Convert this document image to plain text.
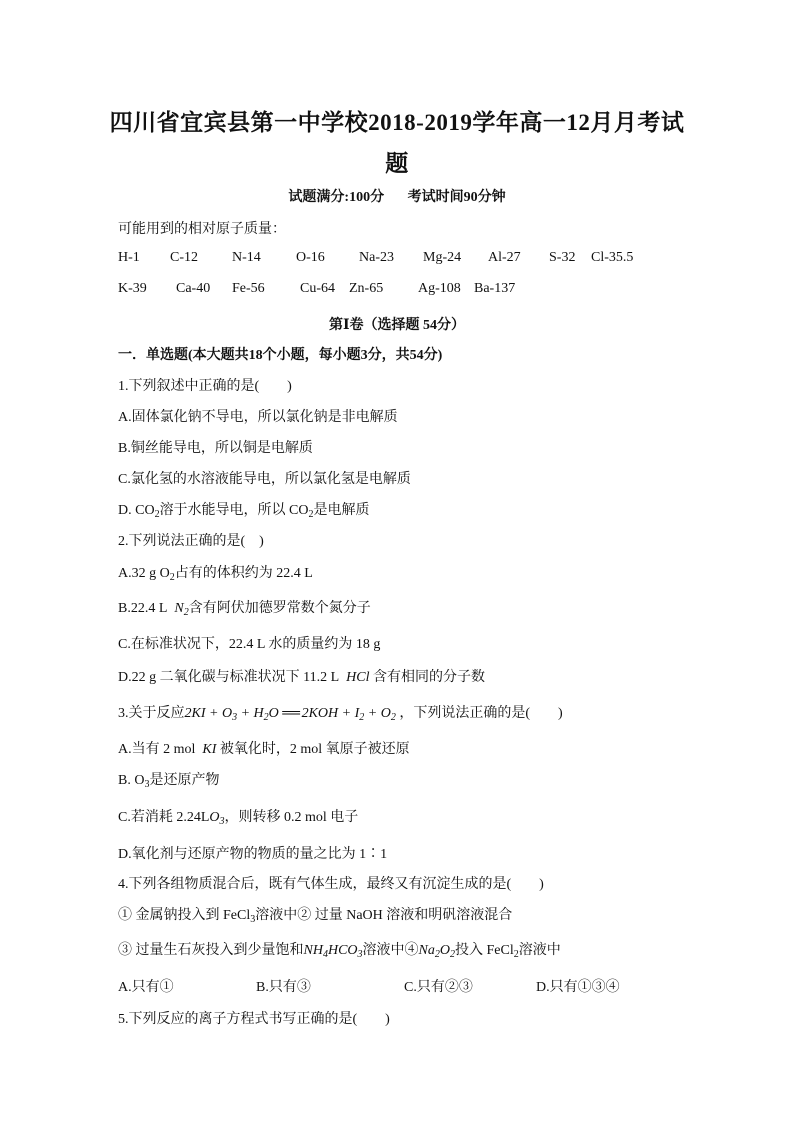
四川省宜宾县第一中学校2018-2019学年高一12月月考试
题
试题满分:100分 考试时间90分钟
可能用到的相对原子质量：
H-1 C-12 N-14	O-16 Na-23 Mg-24 Al-27 S-32 Cl-35.5
K-39 Ca-40 Fe-56	Cu-64 Zn-65 Ag-108 Ba-137
第Ⅰ卷（选择题 54分）
一．单选题(本大题共18个小题，每小题3分，共54分)
1.下列叙述中正确的是(　　)
A.固体氯化钠不导电，所以氯化钠是非电解质
B.铜丝能导电，所以铜是电解质
C.氯化氢的水溶液能导电，所以氯化氢是电解质
D. $CO_2$溶于水能导电，所以 $CO_2$是电解质
2.下列说法正确的是(　)
A.32 g $O_2$占有的体积约为 22.4 L
B.22.4 L $N_2$含有阿伏加德罗常数个氮分子
C.在标准状况下，22.4 L 水的质量约为 18 g
D.22 g 二氧化碳与标准状况下 11.2 L HCl 含有相同的分子数
3.关于反应$2KI + O_3 + H_2O$ ══ $2KOH + I_2 + O_2$ ，下列说法正确的是(　　)
A.当有 2 mol KI 被氧化时，2 mol 氧原子被还原
B. $O_3$是还原产物
C.若消耗 $2.24LO_3$，则转移 0.2 mol 电子
D.氧化剂与还原产物的物质的量之比为 1∶1
4.下列各组物质混合后，既有气体生成，最终又有沉淀生成的是(　　)
① 金属钠投入到 FeCl$_3$溶液中② 过量 NaOH 溶液和明矾溶液混合
③ 过量生石灰投入到少量饱和$NH_4HCO_3$溶液中$④Na_2O_2$投入 FeCl$_2$溶液中
A.只有①	B.只有③	C.只有②③	D.只有①③④
5.下列反应的离子方程式书写正确的是(　　)
